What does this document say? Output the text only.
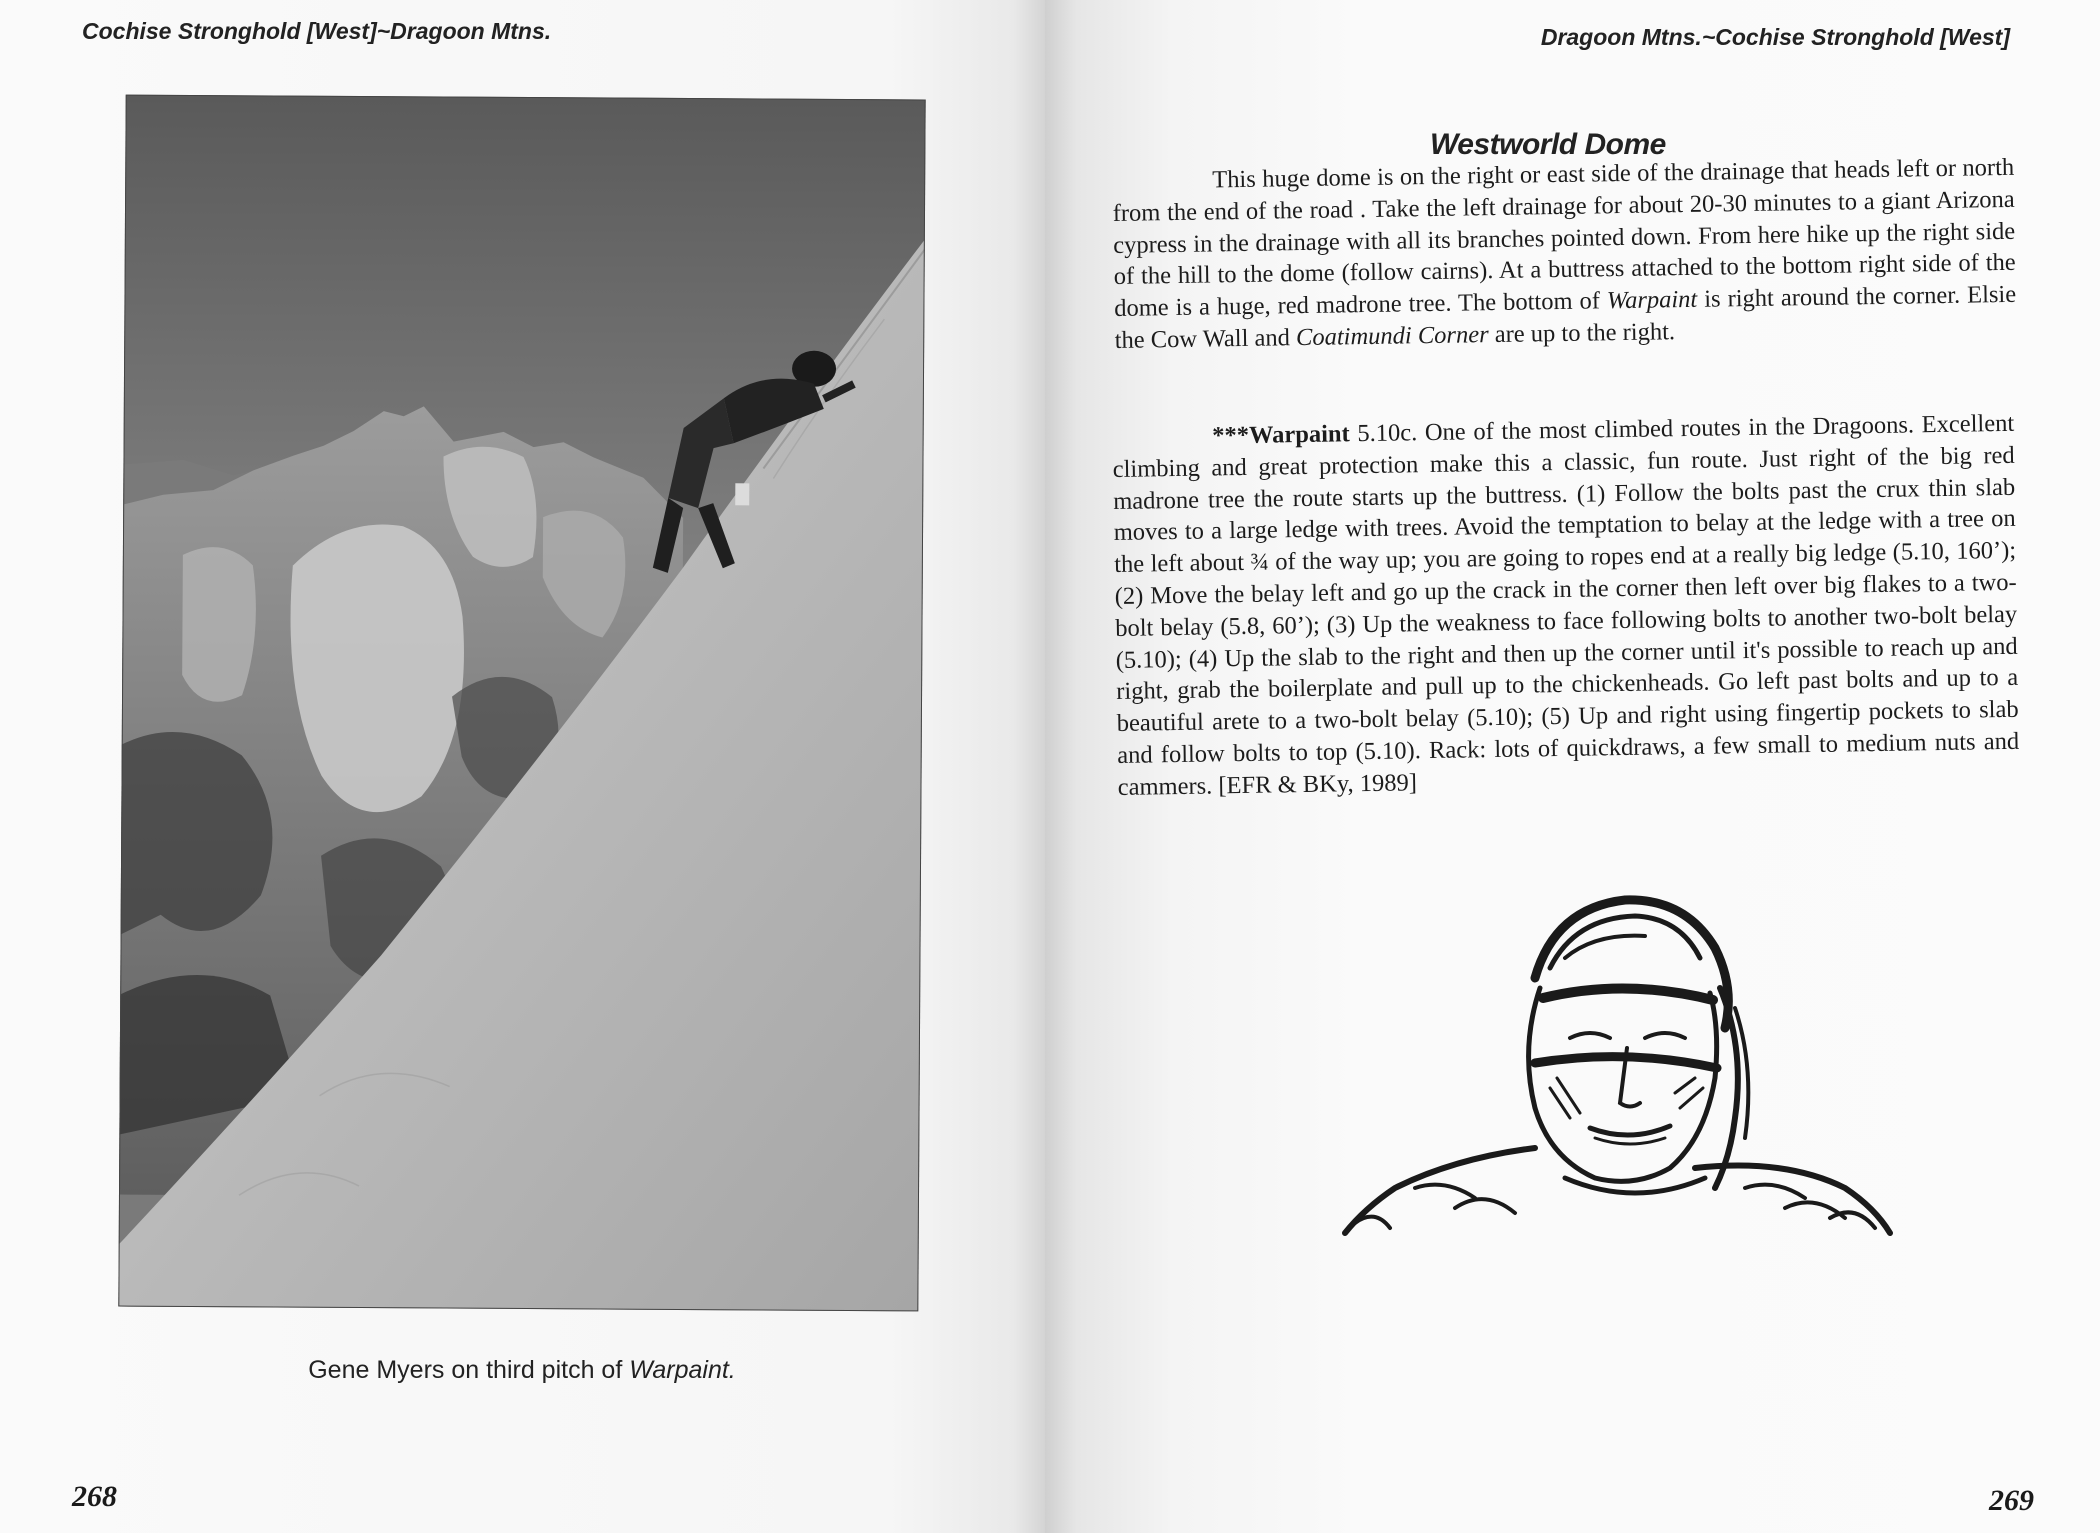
Cochise Stronghold [West]~Dragoon Mtns.
Gene Myers on third pitch of Warpaint.
268
Dragoon Mtns.~Cochise Stronghold [West]
269
Westworld Dome
This huge dome is on the right or east side of the drainage that heads left or north from the end of the road . Take the left drainage for about 20-30 minutes to a giant Arizona cypress in the drainage with all its branches pointed down. From here hike up the right side of the hill to the dome (follow cairns). At a buttress attached to the bottom right side of the dome is a huge, red madrone tree. The bottom of Warpaint is right around the corner. Elsie the Cow Wall and Coatimundi Corner are up to the right.
***Warpaint 5.10c. One of the most climbed routes in the Dragoons. Excellent climbing and great protection make this a classic, fun route. Just right of the big red madrone tree the route starts up the buttress. (1) Follow the bolts past the crux thin slab moves to a large ledge with trees. Avoid the temptation to belay at the ledge with a tree on the left about ¾ of the way up; you are going to ropes end at a really big ledge (5.10, 160’); (2) Move the belay left and go up the crack in the corner then left over big flakes to a two-bolt belay (5.8, 60’); (3) Up the weakness to face following bolts to another two-bolt belay (5.10); (4) Up the slab to the right and then up the corner until it's possible to reach up and right, grab the boilerplate and pull up to the chickenheads. Go left past bolts and up to a beautiful arete to a two-bolt belay (5.10); (5) Up and right using fingertip pockets to slab and follow bolts to top (5.10). Rack: lots of quickdraws, a few small to medium nuts and cammers. [EFR & BKy, 1989]
